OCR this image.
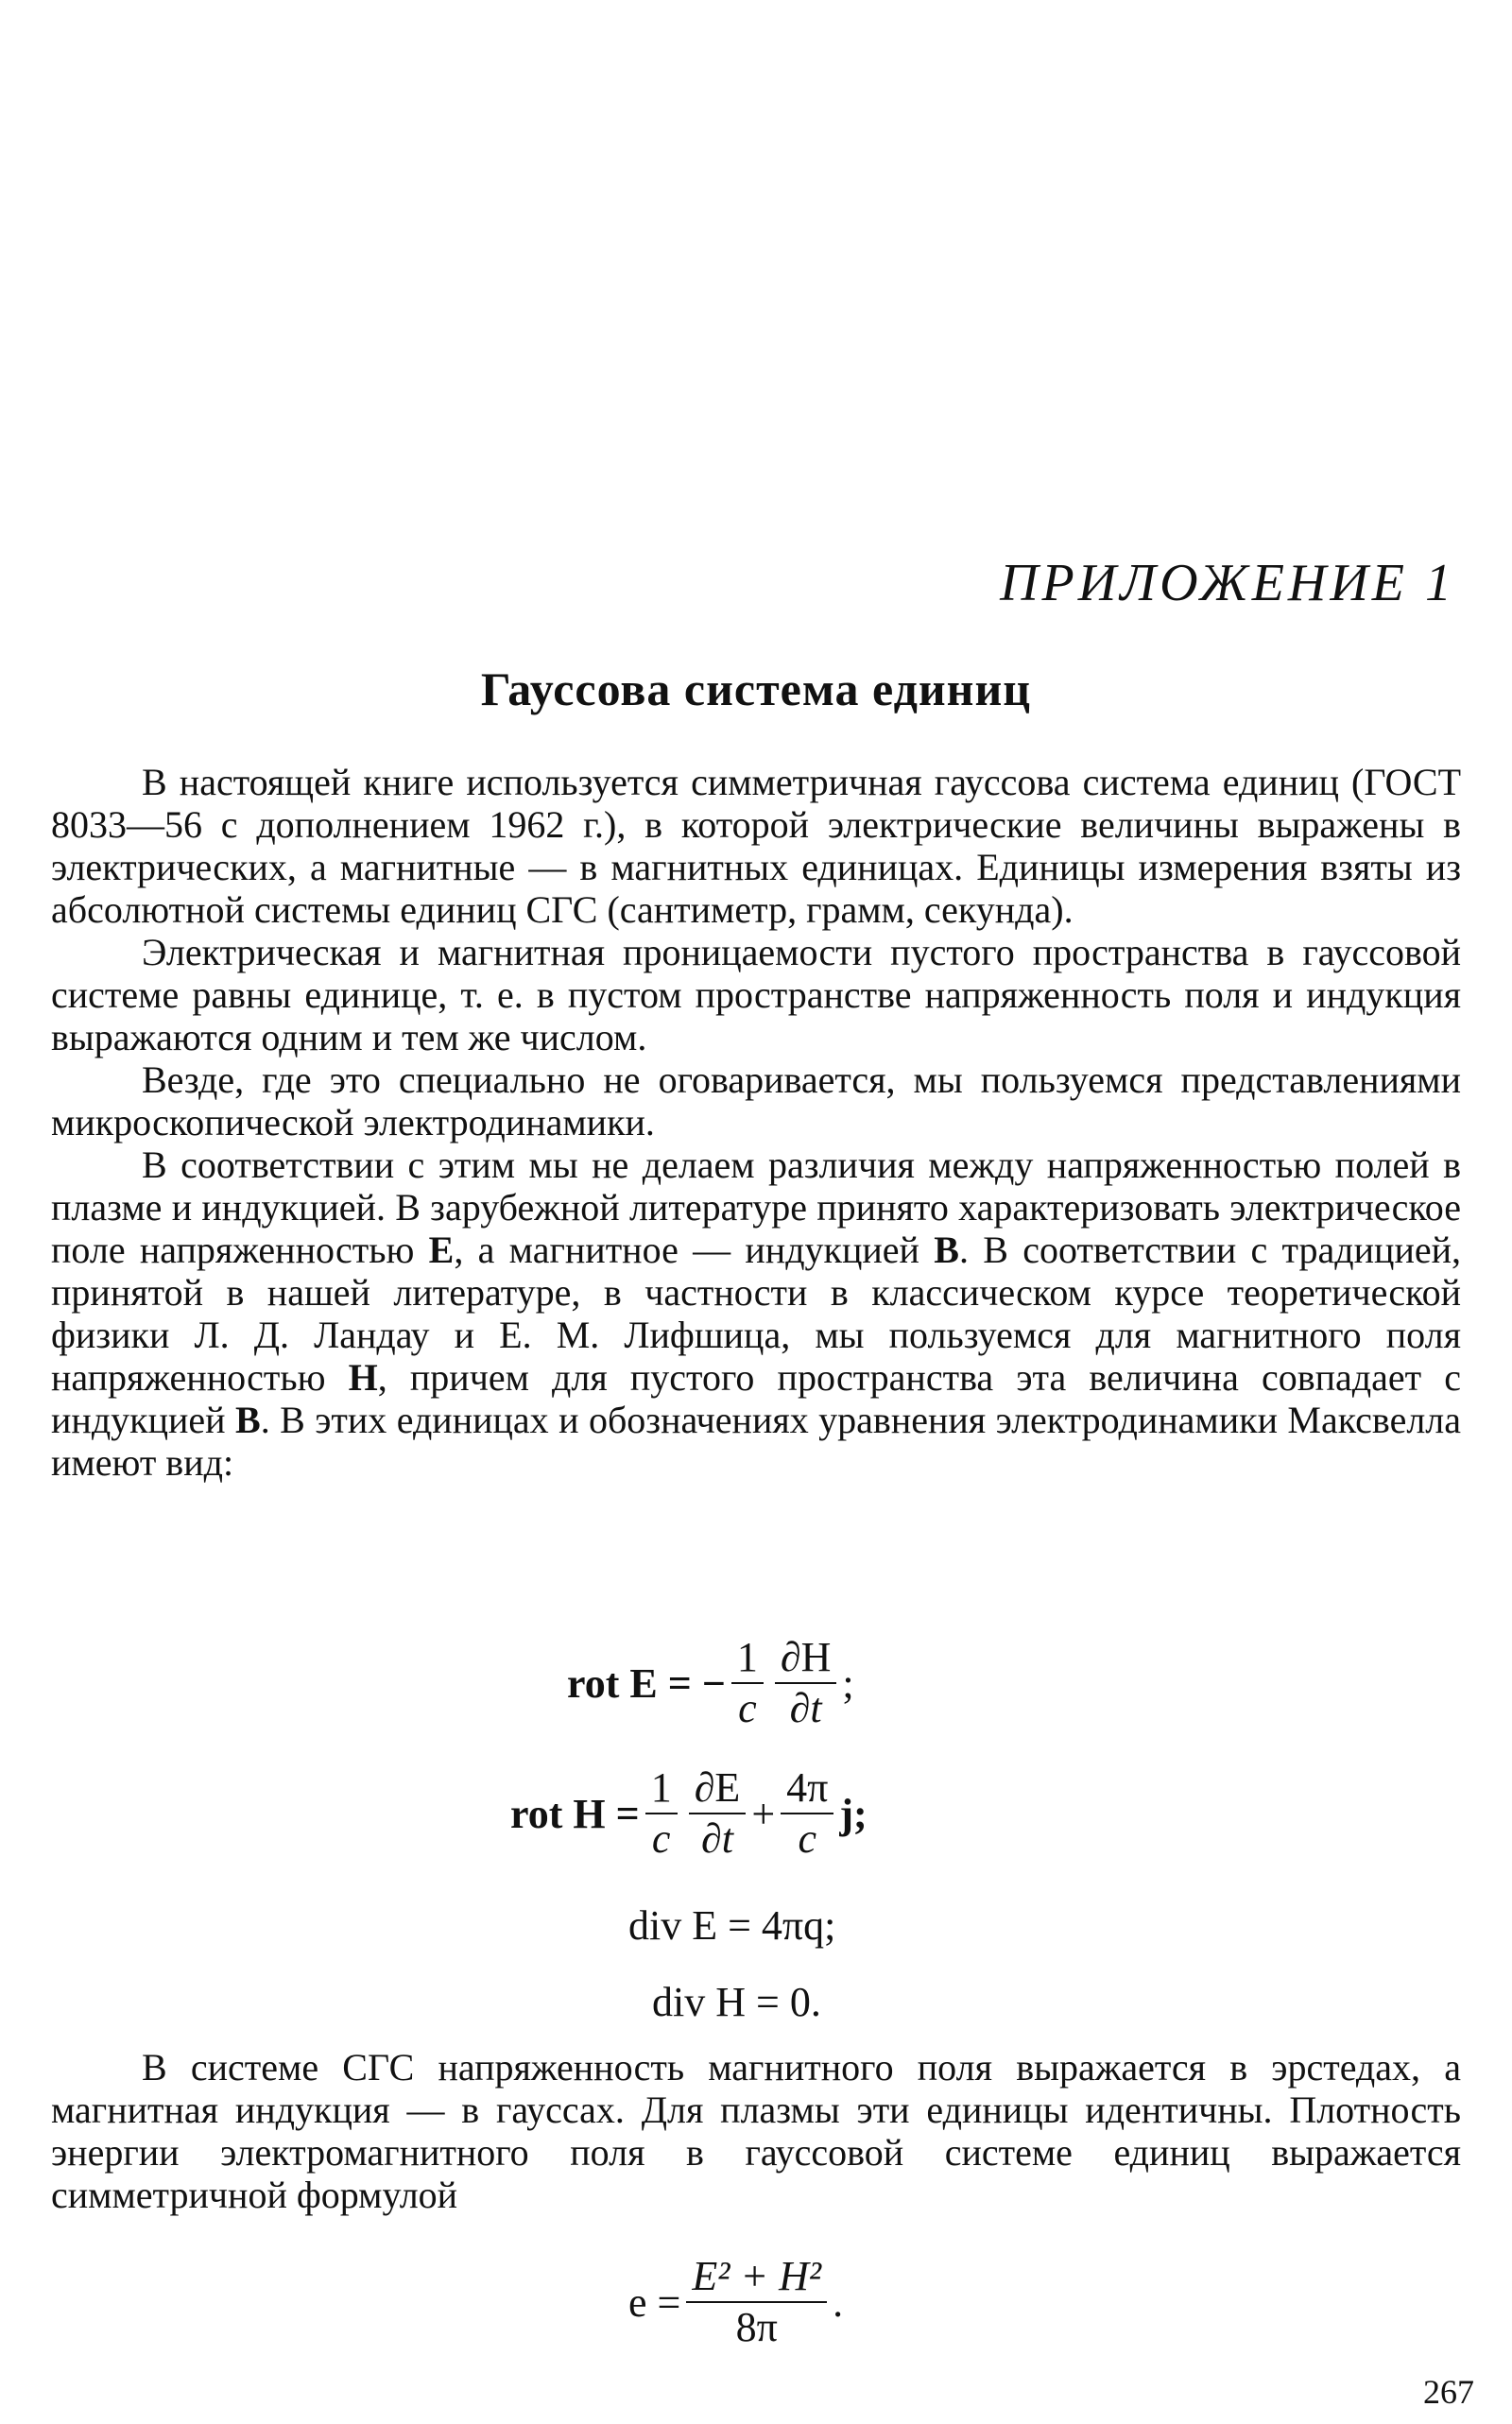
ПРИЛОЖЕНИЕ 1
Гауссова система единиц

В настоящей книге используется симметричная гауссова система единиц (ГОСТ 8033—56 с дополнением 1962 г.), в которой электрические величины выражены в электрических, а магнитные — в магнитных единицах. Единицы измерения взяты из абсолютной системы единиц СГС (сантиметр, грамм, секунда).

Электрическая и магнитная проницаемости пустого пространства в гауссовой системе равны единице, т. е. в пустом пространстве напряженность поля и индукция выражаются одним и тем же числом.

Везде, где это специально не оговаривается, мы пользуемся представлениями микроскопической электродинамики.

В соответствии с этим мы не делаем различия между напряженностью полей в плазме и индукцией. В зарубежной литературе принято характеризовать электрическое поле напряженностью E, а магнитное — индукцией B. В соответствии с традицией, принятой в нашей литературе, в частности в классическом курсе теоретической физики Л. Д. Ландау и Е. М. Лифшица, мы пользуемся для магнитного поля напряженностью H, причем для пустого пространства эта величина совпадает с индукцией B. В этих единицах и обозначениях уравнения электродинамики Максвелла имеют вид:

rot E = − $\frac{1}{c} \frac{\partial H}{\partial t}$ ;
rot $H = \frac{1}{c} \frac{\partial E}{\partial t} + \frac{4\pi}{c} j$;
div E = 4πq;
div H = 0.

В системе СГС напряженность магнитного поля выражается в эрстедах, а магнитная индукция — в гауссах. Для плазмы эти единицы идентичны. Плотность энергии электромагнитного поля в гауссовой системе единиц выражается симметричной формулой

$e = \frac{\text{E² + H²}}{8\pi}$ .
267
